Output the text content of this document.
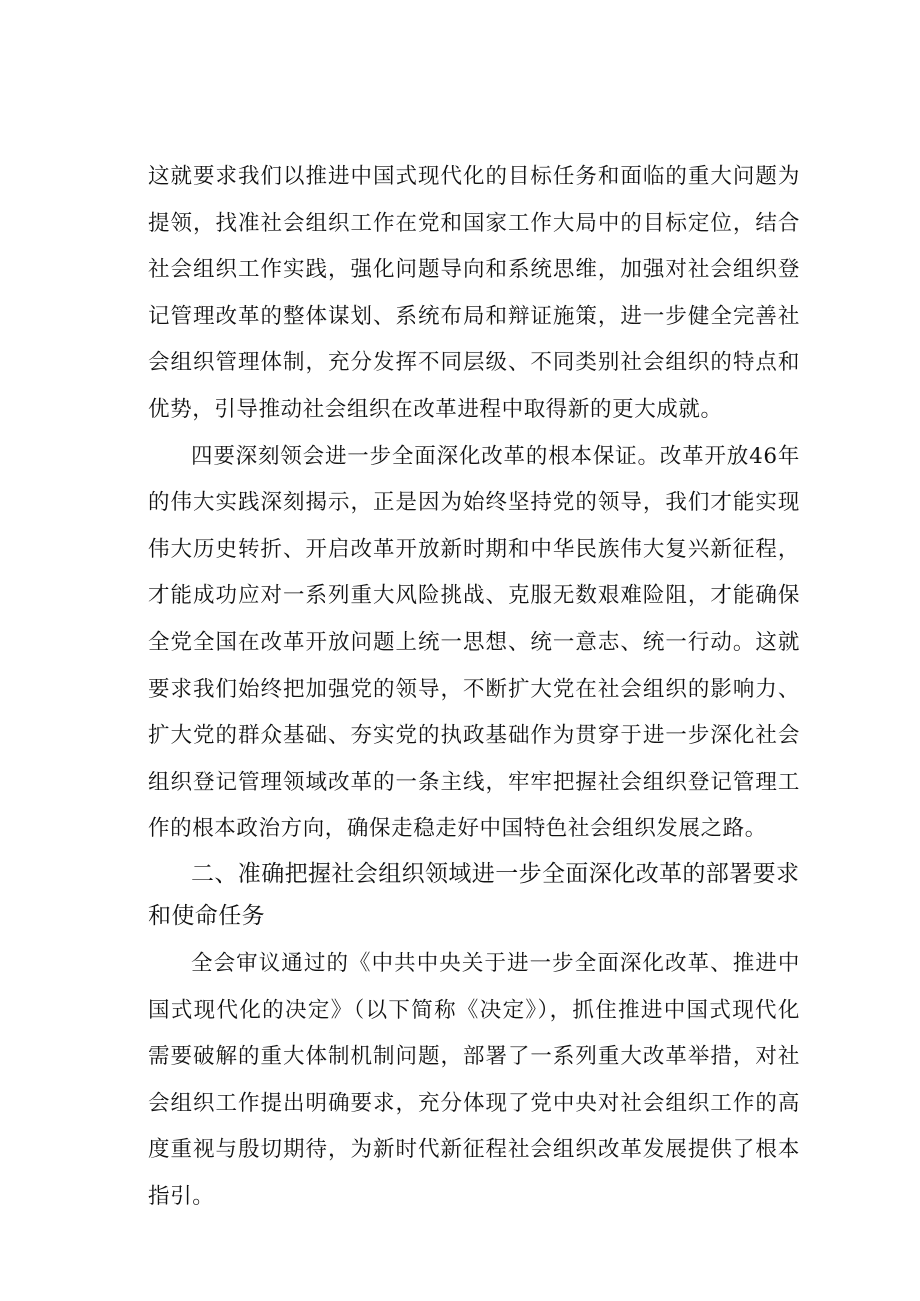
这就要求我们以推进中国式现代化的目标任务和面临的重大问题为提领，找准社会组织工作在党和国家工作大局中的目标定位，结合社会组织工作实践，强化问题导向和系统思维，加强对社会组织登记管理改革的整体谋划、系统布局和辩证施策，进一步健全完善社会组织管理体制，充分发挥不同层级、不同类别社会组织的特点和优势，引导推动社会组织在改革进程中取得新的更大成就。

四要深刻领会进一步全面深化改革的根本保证。改革开放46年的伟大实践深刻揭示，正是因为始终坚持党的领导，我们才能实现伟大历史转折、开启改革开放新时期和中华民族伟大复兴新征程，才能成功应对一系列重大风险挑战、克服无数艰难险阻，才能确保全党全国在改革开放问题上统一思想、统一意志、统一行动。这就要求我们始终把加强党的领导，不断扩大党在社会组织的影响力、扩大党的群众基础、夯实党的执政基础作为贯穿于进一步深化社会组织登记管理领域改革的一条主线，牢牢把握社会组织登记管理工作的根本政治方向，确保走稳走好中国特色社会组织发展之路。

二、准确把握社会组织领域进一步全面深化改革的部署要求和使命任务

全会审议通过的《中共中央关于进一步全面深化改革、推进中国式现代化的决定》（以下简称《决定》），抓住推进中国式现代化需要破解的重大体制机制问题，部署了一系列重大改革举措，对社会组织工作提出明确要求，充分体现了党中央对社会组织工作的高度重视与殷切期待，为新时代新征程社会组织改革发展提供了根本指引。
